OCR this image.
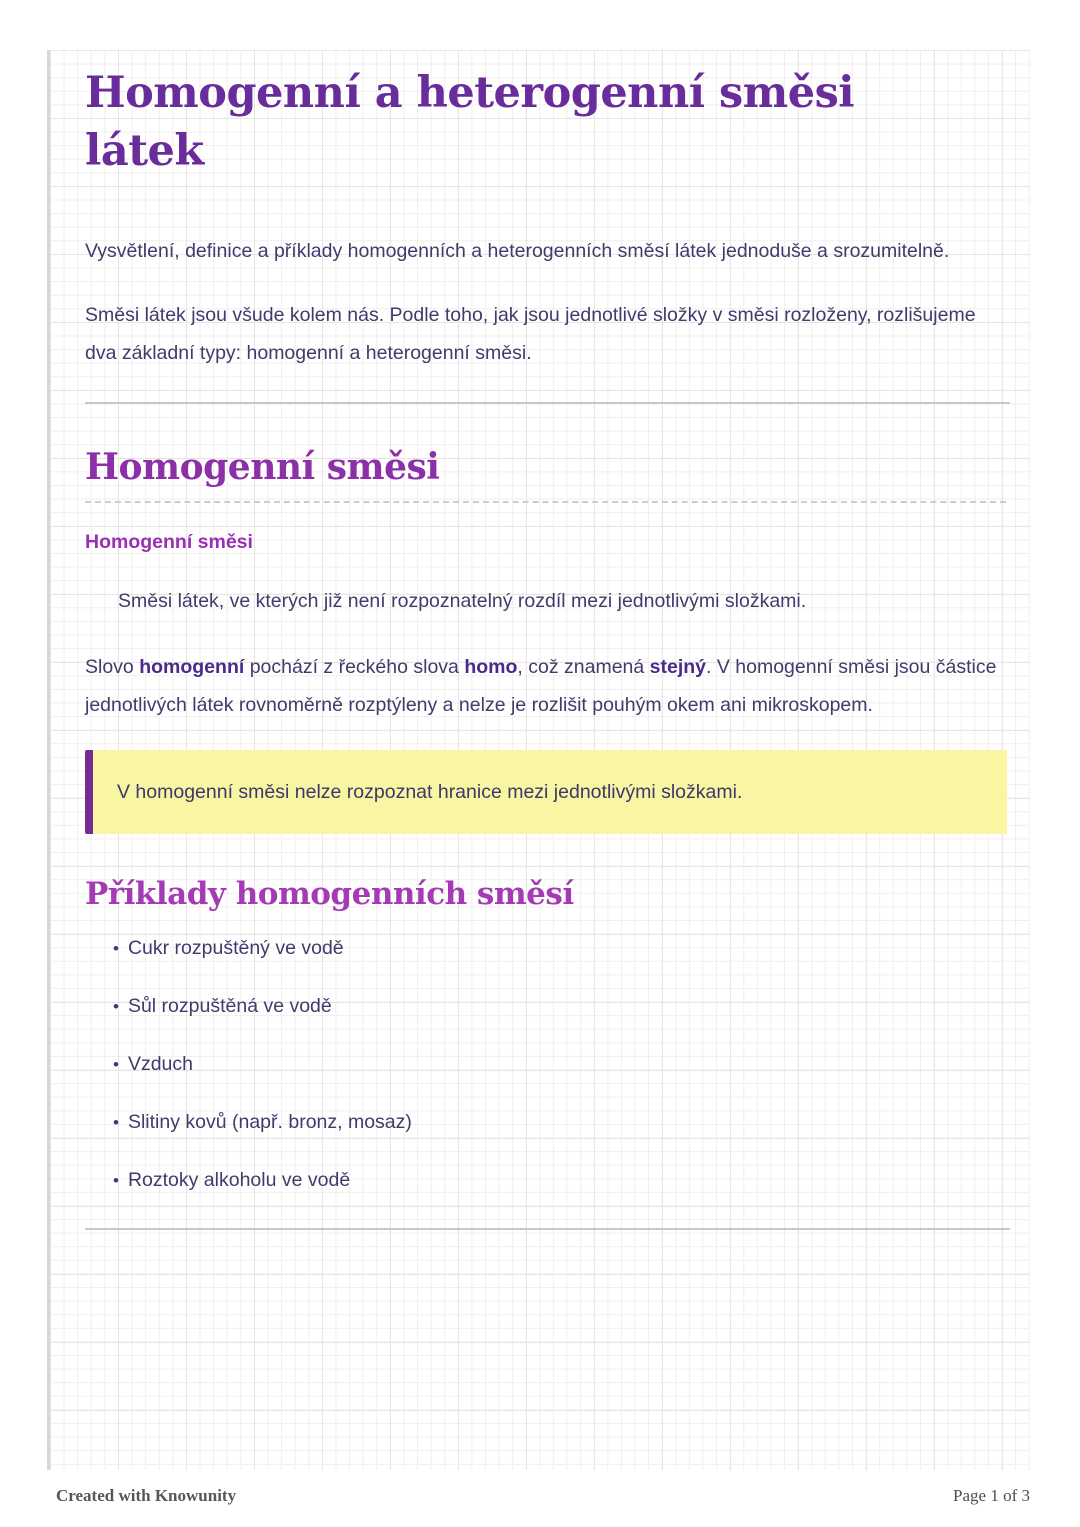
Homogenní a heterogenní směsi látek

Vysvětlení, definice a příklady homogenních a heterogenních směsí látek jednoduše a srozumitelně.

Směsi látek jsou všude kolem nás. Podle toho, jak jsou jednotlivé složky v směsi rozloženy, rozlišujeme dva základní typy: homogenní a heterogenní směsi.

Homogenní směsi

Homogenní směsi

Směsi látek, ve kterých již není rozpoznatelný rozdíl mezi jednotlivými složkami.

Slovo homogenní pochází z řeckého slova homo, což znamená stejný. V homogenní směsi jsou částice jednotlivých látek rovnoměrně rozptýleny a nelze je rozlišit pouhým okem ani mikroskopem.

V homogenní směsi nelze rozpoznat hranice mezi jednotlivými složkami.
Příklady homogenních směsí
• Cukr rozpuštěný ve vodě
• Sůl rozpuštěná ve vodě
• Vzduch
• Slitiny kovů (např. bronz, mosaz)
• Roztoky alkoholu ve vodě
Created with Knowunity	Page 1 of 3
